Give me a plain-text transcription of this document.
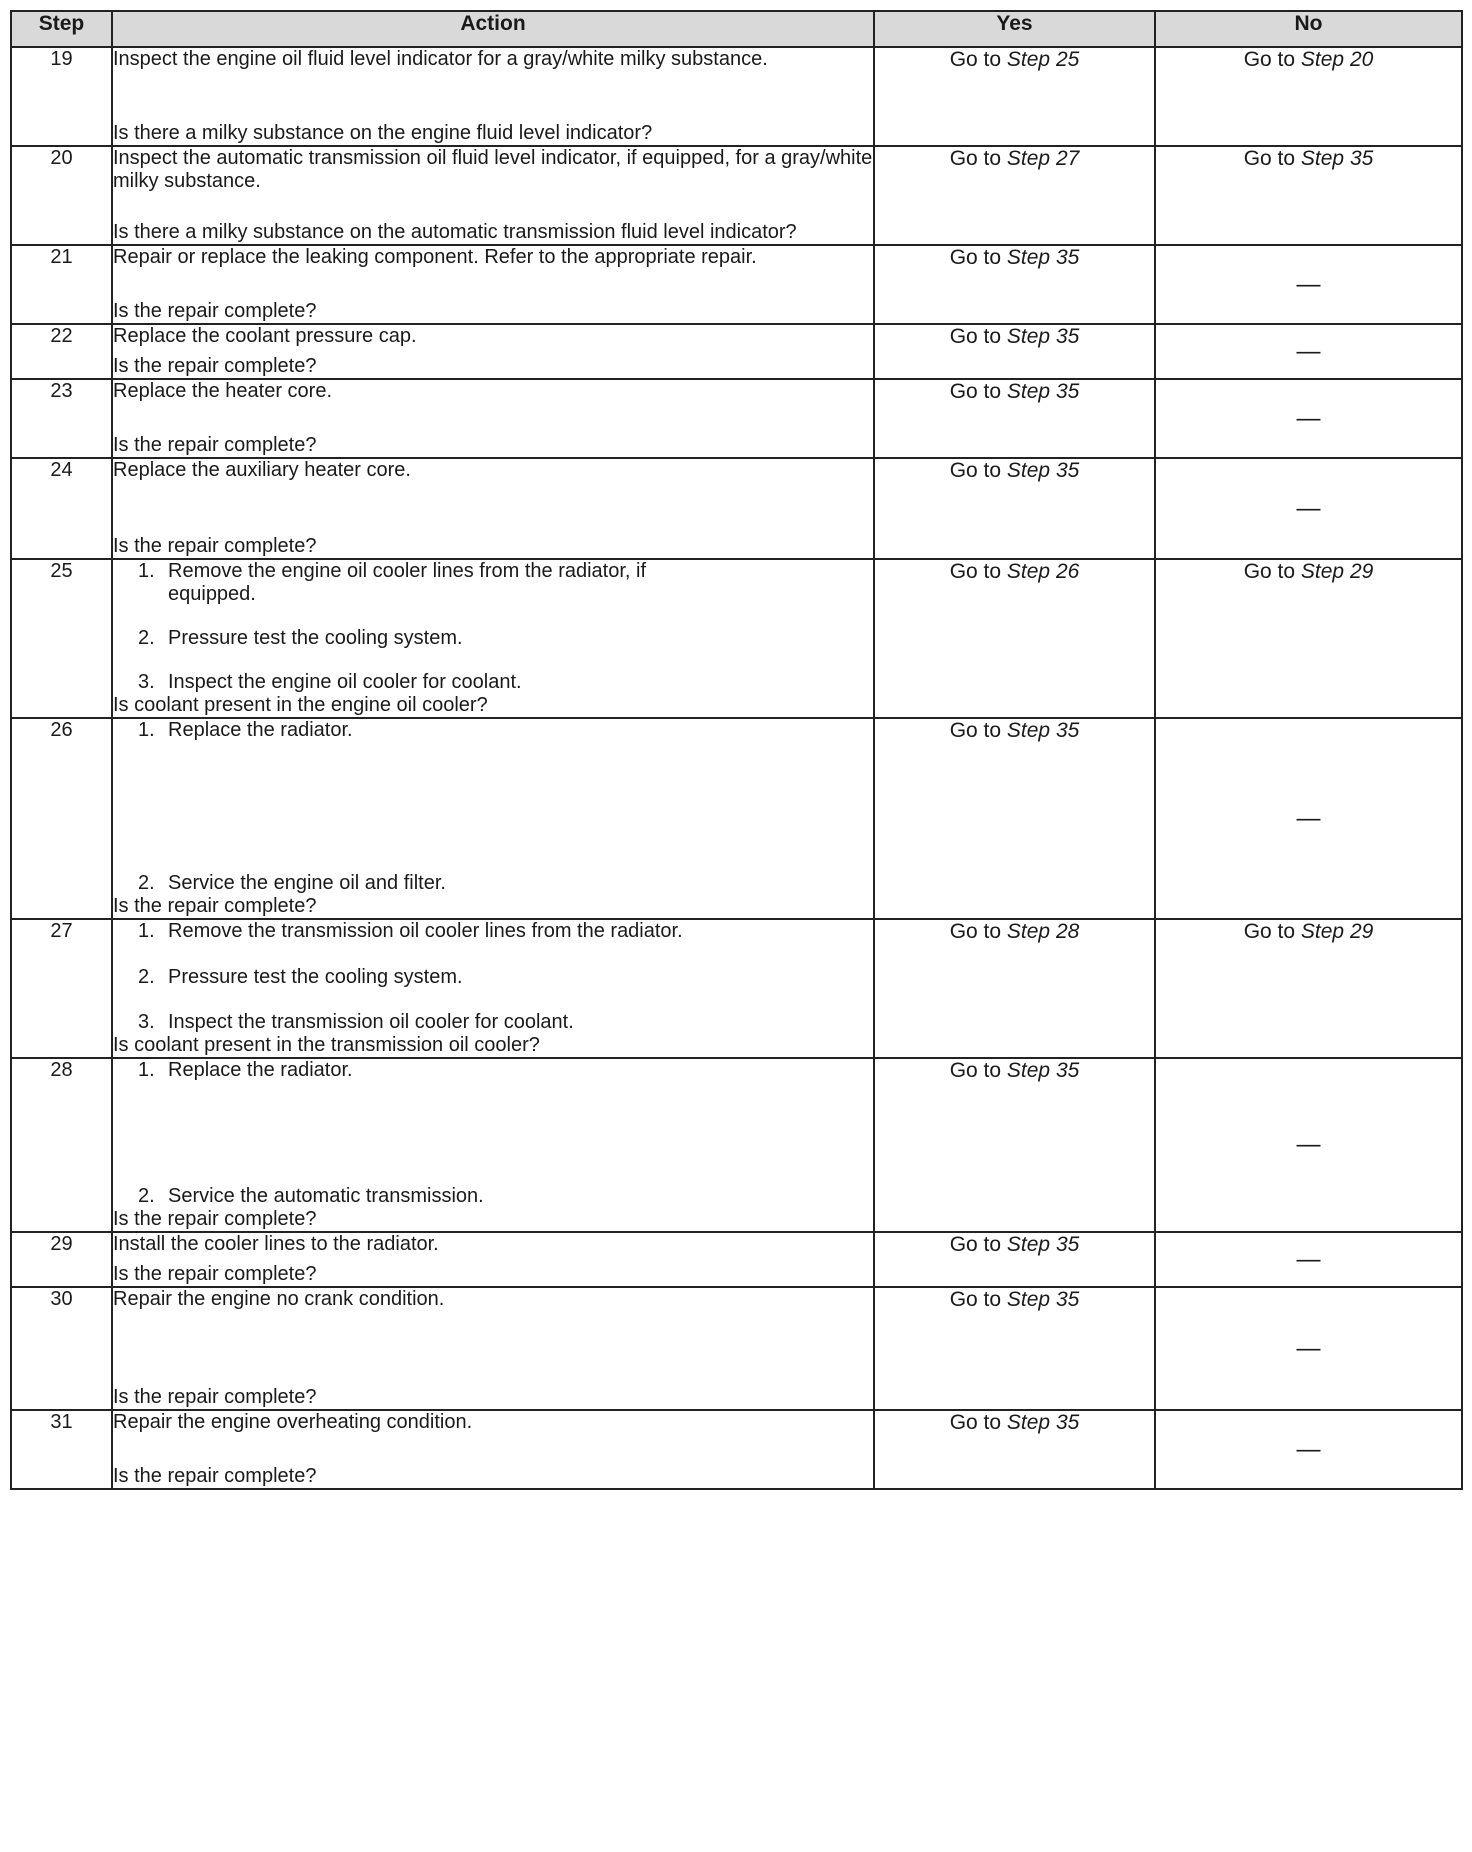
Step	Action	Yes	No
19	Inspect the engine oil fluid level indicator for a gray/white milky substance.

Is there a milky substance on the engine fluid level indicator?	Go to Step 25	Go to Step 20
20	Inspect the automatic transmission oil fluid level indicator, if equipped, for a gray/white milky substance.

Is there a milky substance on the automatic transmission fluid level indicator?	Go to Step 27	Go to Step 35
21	Repair or replace the leaking component. Refer to the appropriate repair.

Is the repair complete?	Go to Step 35	—
22	Replace the coolant pressure cap.

Is the repair complete?	Go to Step 35	—
23	Replace the heater core.

Is the repair complete?	Go to Step 35	—
24	Replace the auxiliary heater core.

Is the repair complete?	Go to Step 35	—
25	1. Remove the engine oil cooler lines from the radiator, if
equipped.

2. Pressure test the cooling system.

3. Inspect the engine oil cooler for coolant.

Is coolant present in the engine oil cooler?	Go to Step 26	Go to Step 29
26	1. Replace the radiator.

2. Service the engine oil and filter.

Is the repair complete?	Go to Step 35	—
27	1. Remove the transmission oil cooler lines from the radiator.

2. Pressure test the cooling system.

3. Inspect the transmission oil cooler for coolant.

Is coolant present in the transmission oil cooler?	Go to Step 28	Go to Step 29
28	1. Replace the radiator.

2. Service the automatic transmission.

Is the repair complete?	Go to Step 35	—
29	Install the cooler lines to the radiator.

Is the repair complete?	Go to Step 35	—
30	Repair the engine no crank condition.

Is the repair complete?	Go to Step 35	—
31	Repair the engine overheating condition.

Is the repair complete?	Go to Step 35	—
